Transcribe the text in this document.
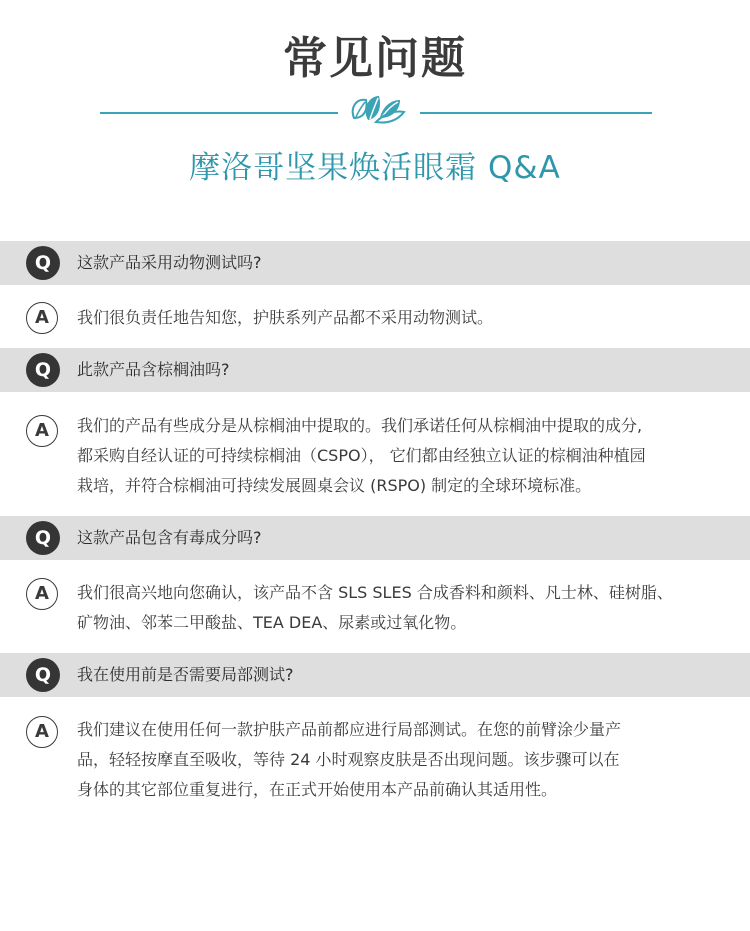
常见问题
摩洛哥坚果焕活眼霜 Q&A
Q	这款产品采用动物测试吗?
A	我们很负责任地告知您，护肤系列产品都不采用动物测试。
Q	此款产品含棕榈油吗?
A	我们的产品有些成分是从棕榈油中提取的。我们承诺任何从棕榈油中提取的成分,
都采购自经认证的可持续棕榈油（CSPO）， 它们都由经独立认证的棕榈油种植园
栽培，并符合棕榈油可持续发展圆桌会议 (RSPO) 制定的全球环境标准。
Q	这款产品包含有毒成分吗?
A	我们很高兴地向您确认，该产品不含 SLS SLES 合成香料和颜料、凡士林、硅树脂、
矿物油、邻苯二甲酸盐、TEA DEA、尿素或过氧化物。
Q	我在使用前是否需要局部测试?
A	我们建议在使用任何一款护肤产品前都应进行局部测试。在您的前臂涂少量产
品，轻轻按摩直至吸收，等待 24 小时观察皮肤是否出现问题。该步骤可以在
身体的其它部位重复进行，在正式开始使用本产品前确认其适用性。
